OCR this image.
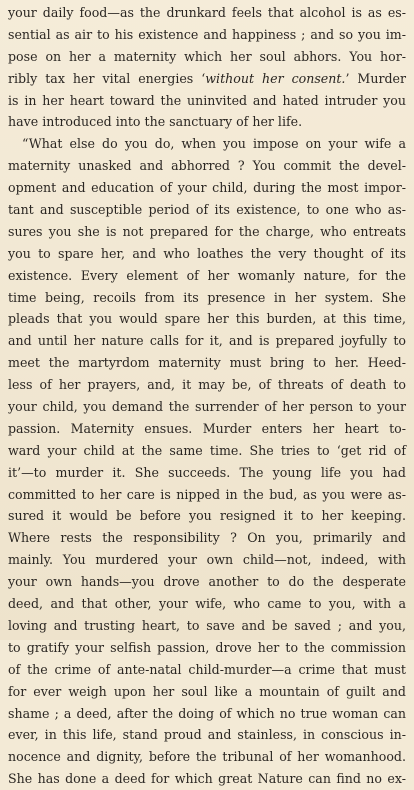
your daily food—as the drunkard feels that alcohol is as es-
sential as air to his existence and happiness ; and so you im-
pose on her a maternity which her soul abhors. You hor-
ribly tax her vital energies ‘without her consent.’ Murder
is in her heart toward the uninvited and hated intruder you
have introduced into the sanctuary of her life.
“What else do you do, when you impose on your wife a
maternity unasked and abhorred ? You commit the devel-
opment and education of your child, during the most impor-
tant and susceptible period of its existence, to one who as-
sures you she is not prepared for the charge, who entreats
you to spare her, and who loathes the very thought of its
existence. Every element of her womanly nature, for the
time being, recoils from its presence in her system. She
pleads that you would spare her this burden, at this time,
and until her nature calls for it, and is prepared joyfully to
meet the martyrdom maternity must bring to her. Heed-
less of her prayers, and, it may be, of threats of death to
your child, you demand the surrender of her person to your
passion. Maternity ensues. Murder enters her heart to-
ward your child at the same time. She tries to ‘get rid of
it’—to murder it. She succeeds. The young life you had
committed to her care is nipped in the bud, as you were as-
sured it would be before you resigned it to her keeping.
Where rests the responsibility ? On you, primarily and
mainly. You murdered your own child—not, indeed, with
your own hands—you drove another to do the desperate
deed, and that other, your wife, who came to you, with a
loving and trusting heart, to save and be saved ; and you,
to gratify your selfish passion, drove her to the commission
of the crime of ante-natal child-murder—a crime that must
for ever weigh upon her soul like a mountain of guilt and
shame ; a deed, after the doing of which no true woman can
ever, in this life, stand proud and stainless, in conscious in-
nocence and dignity, before the tribunal of her womanhood.
She has done a deed for which great Nature can find no ex-
